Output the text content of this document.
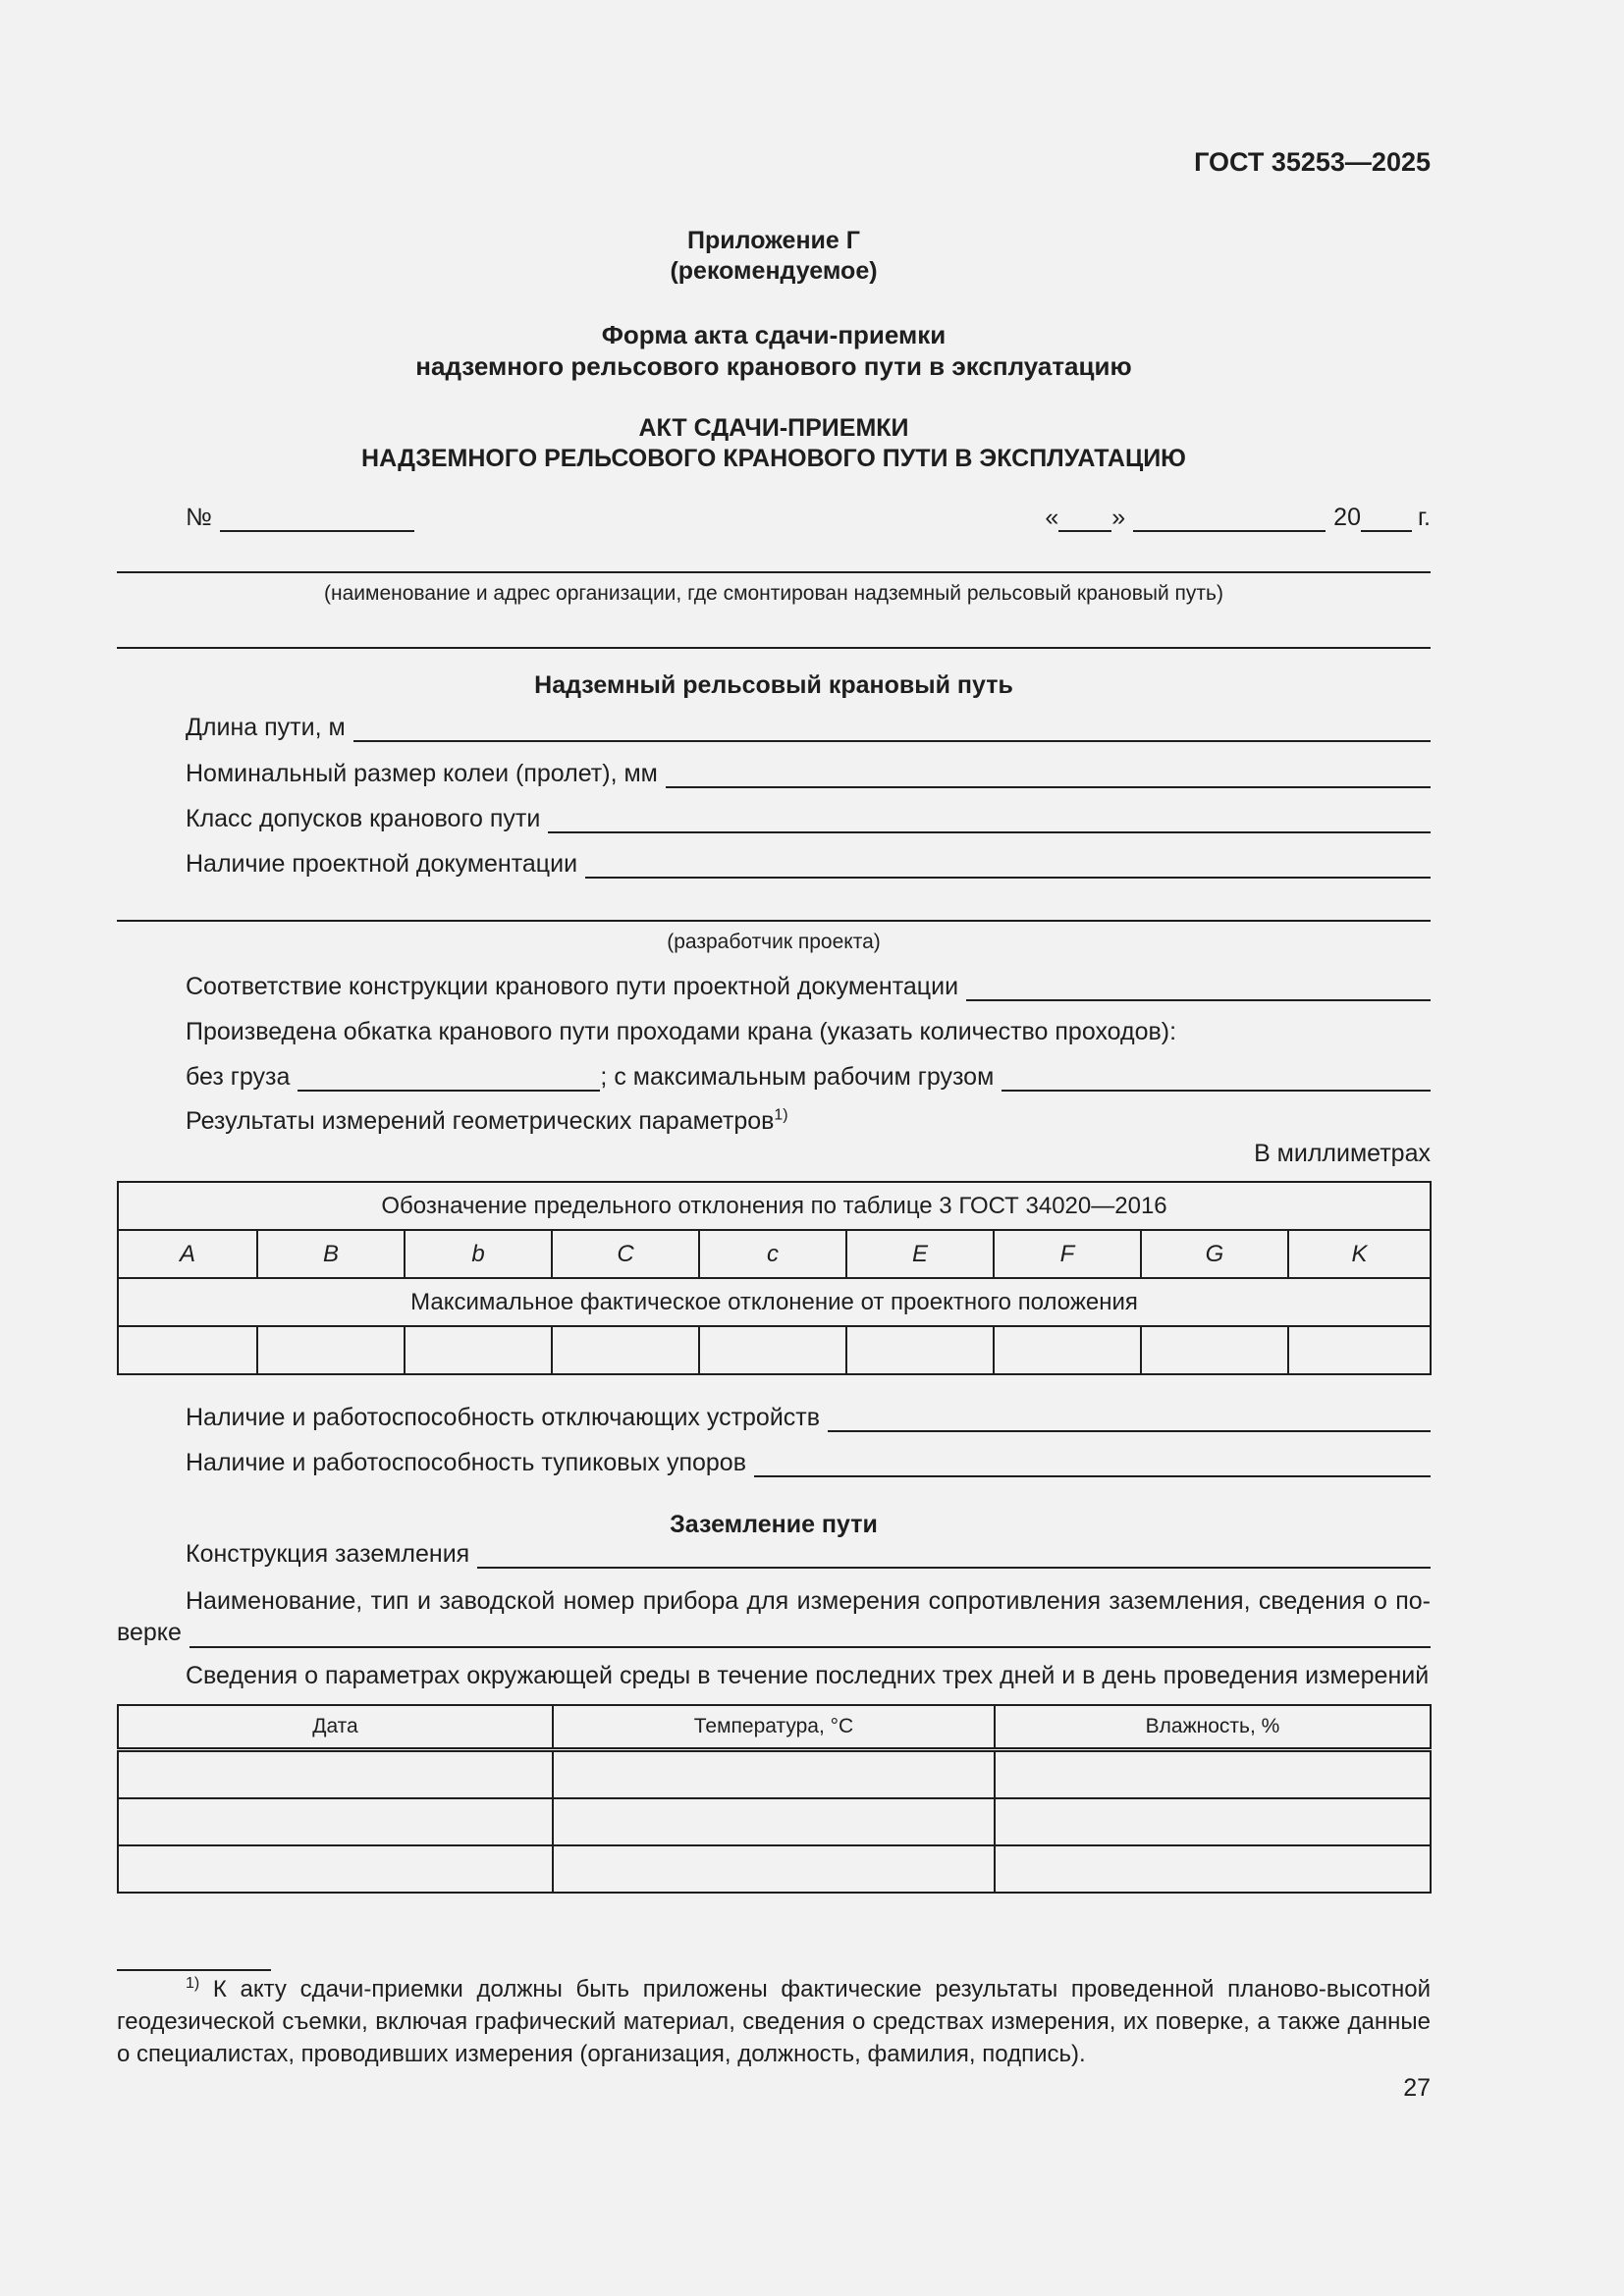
ГОСТ 35253—2025
Приложение Г
(рекомендуемое)
Форма акта сдачи-приемки
надземного рельсового кранового пути в эксплуатацию
АКТ СДАЧИ-ПРИЕМКИ
НАДЗЕМНОГО РЕЛЬСОВОГО КРАНОВОГО ПУТИ В ЭКСПЛУАТАЦИЮ
№	« »	20 г.
(наименование и адрес организации, где смонтирован надземный рельсовый крановый путь)
Надземный рельсовый крановый путь
Длина пути, м
Номинальный размер колеи (пролет), мм
Класс допусков кранового пути
Наличие проектной документации
(разработчик проекта)
Соответствие конструкции кранового пути проектной документации
Произведена обкатка кранового пути проходами крана (указать количество проходов):
без груза	; с максимальным рабочим грузом
Результаты измерений геометрических параметров$^{1)}$
В миллиметрах
Обозначение предельного отклонения по таблице 3 ГОСТ 34020—2016								
A	B	b	C	c	E	F	G	K
Максимальное фактическое отклонение от проектного положения								

Наличие и работоспособность отключающих устройств
Наличие и работоспособность тупиковых упоров
Заземление пути
Конструкция заземления
Наименование, тип и заводской номер прибора для измерения сопротивления заземления, сведения о по-
верке
Сведения о параметрах окружающей среды в течение последних трех дней и в день проведения измерений
Дата	Температура, °С	Влажность, %

$^{1)}$ К акту сдачи-приемки должны быть приложены фактические результаты проведенной планово-высотной геодезической съемки, включая графический материал, сведения о средствах измерения, их поверке, а также данные о специалистах, проводивших измерения (организация, должность, фамилия, подпись).
27
